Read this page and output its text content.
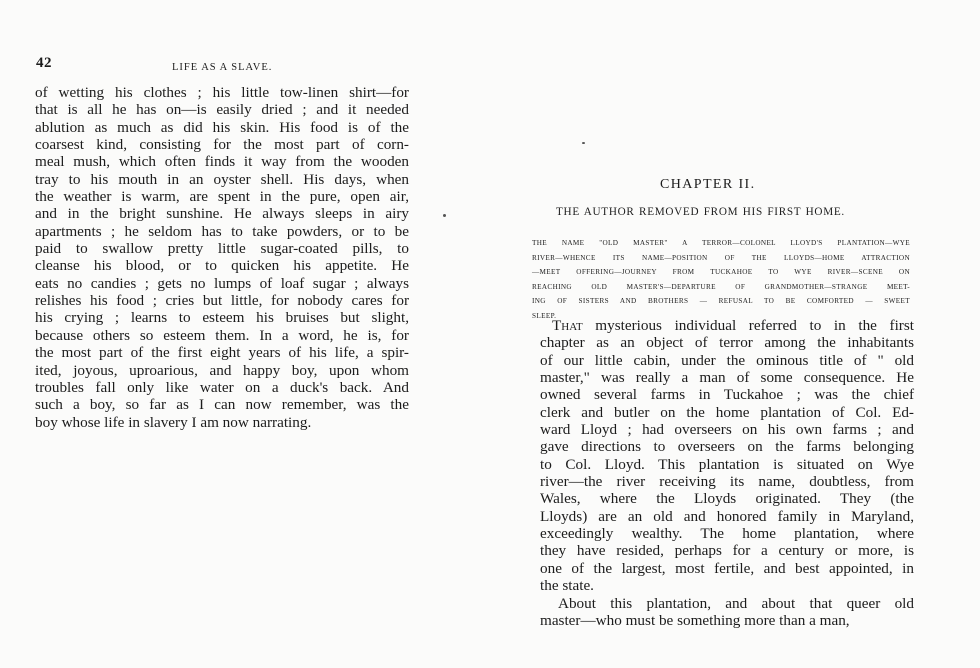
42	LIFE AS A SLAVE.
of wetting his clothes ; his little tow-linen shirt—for
that is all he has on—is easily dried ; and it needed
ablution as much as did his skin. His food is of the
coarsest kind, consisting for the most part of corn-
meal mush, which often finds it way from the wooden
tray to his mouth in an oyster shell. His days, when
the weather is warm, are spent in the pure, open air,
and in the bright sunshine. He always sleeps in airy
apartments ; he seldom has to take powders, or to be
paid to swallow pretty little sugar-coated pills, to
cleanse his blood, or to quicken his appetite. He
eats no candies ; gets no lumps of loaf sugar ; always
relishes his food ; cries but little, for nobody cares for
his crying ; learns to esteem his bruises but slight,
because others so esteem them. In a word, he is, for
the most part of the first eight years of his life, a spir-
ited, joyous, uproarious, and happy boy, upon whom
troubles fall only like water on a duck's back. And
such a boy, so far as I can now remember, was the
boy whose life in slavery I am now narrating.
CHAPTER II.
THE AUTHOR REMOVED FROM HIS FIRST HOME.
THE NAME "OLD MASTER" A TERROR—COLONEL LLOYD'S PLANTATION—WYE
RIVER—WHENCE ITS NAME—POSITION OF THE LLOYDS—HOME ATTRACTION
—MEET OFFERING—JOURNEY FROM TUCKAHOE TO WYE RIVER—SCENE ON
REACHING OLD MASTER'S—DEPARTURE OF GRANDMOTHER—STRANGE MEET-
ING OF SISTERS AND BROTHERS — REFUSAL TO BE COMFORTED — SWEET
SLEEP.
That mysterious individual referred to in the first
chapter as an object of terror among the inhabitants
of our little cabin, under the ominous title of " old
master," was really a man of some consequence. He
owned several farms in Tuckahoe ; was the chief
clerk and butler on the home plantation of Col. Ed-
ward Lloyd ; had overseers on his own farms ; and
gave directions to overseers on the farms belonging
to Col. Lloyd. This plantation is situated on Wye
river—the river receiving its name, doubtless, from
Wales, where the Lloyds originated. They (the
Lloyds) are an old and honored family in Maryland,
exceedingly wealthy. The home plantation, where
they have resided, perhaps for a century or more, is
one of the largest, most fertile, and best appointed, in
the state.
About this plantation, and about that queer old
master—who must be something more than a man,
